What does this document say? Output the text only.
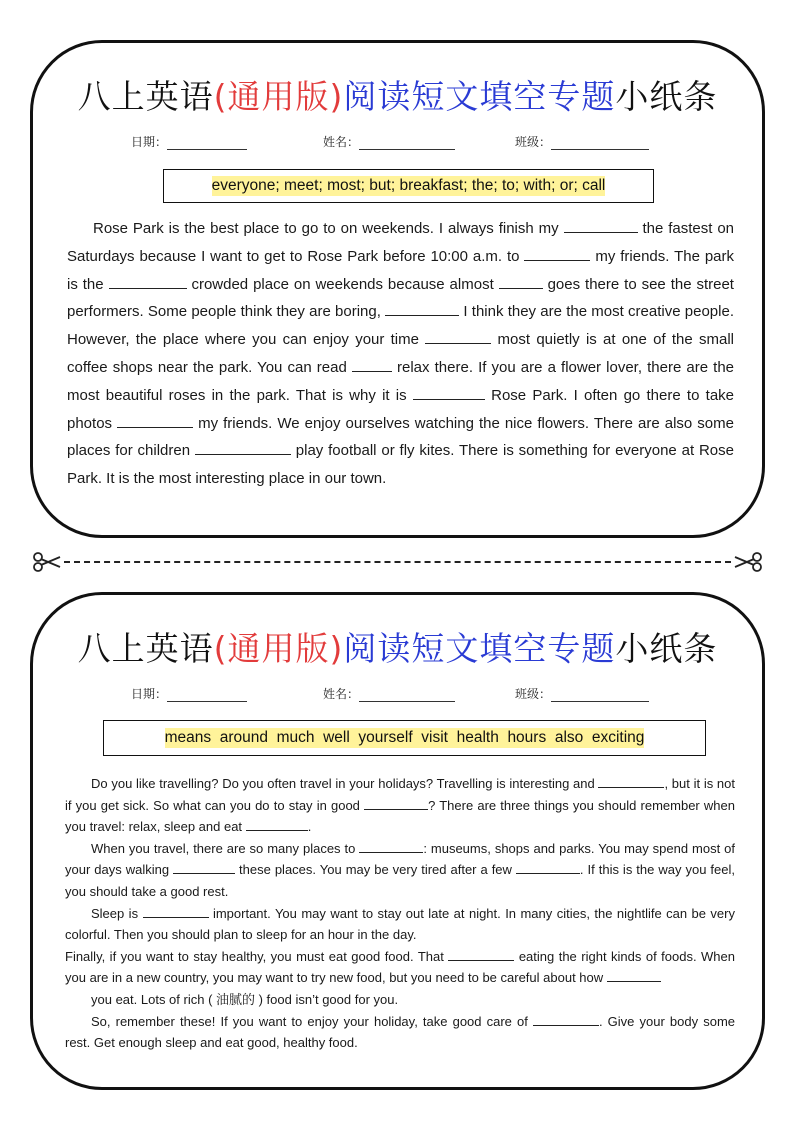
八上英语(通用版)阅读短文填空专题小纸条
日期：	姓名：	班级：
everyone; meet; most; but; breakfast; the; to; with; or; call
Rose Park is the best place to go to on weekends. I always finish my	the fastest on Saturdays because I want to get to Rose Park before 10:00 a.m. to	my friends. The park is the	crowded place on weekends because almost	goes there to see the street performers. Some people think they are boring,	I think they are the most creative people. However, the place where you can enjoy your time	most quietly is at one of the small coffee shops near the park. You can read	relax there. If you are a flower lover, there are the most beautiful roses in the park. That is why it is	Rose Park. I often go there to take photos	my friends. We enjoy ourselves watching the nice flowers. There are also some places for children	play football or fly kites. There is something for everyone at Rose Park. It is the most interesting place in our town.
八上英语(通用版)阅读短文填空专题小纸条
日期：	姓名：	班级：
means  around  much  well  yourself  visit  health  hours  also  exciting
Do you like travelling? Do you often travel in your holidays? Travelling is interesting and	, but it is not if you get sick. So what can you do to stay in good	? There are three things you should remember when you travel: relax, sleep and eat	.
When you travel, there are so many places to	: museums, shops and parks. You may spend most of your days walking	these places. You may be very tired after a few	. If this is the way you feel, you should take a good rest.
Sleep is	important. You may want to stay out late at night. In many cities, the nightlife can be very colorful. Then you should plan to sleep for an hour in the day.
Finally, if you want to stay healthy, you must eat good food. That	eating the right kinds of foods. When you are in a new country, you may want to try new food, but you need to be careful about how
you eat. Lots of rich ( 油腻的 ) food isn’t good for you.
So, remember these! If you want to enjoy your holiday, take good care of	. Give your body some rest. Get enough sleep and eat good, healthy food.
